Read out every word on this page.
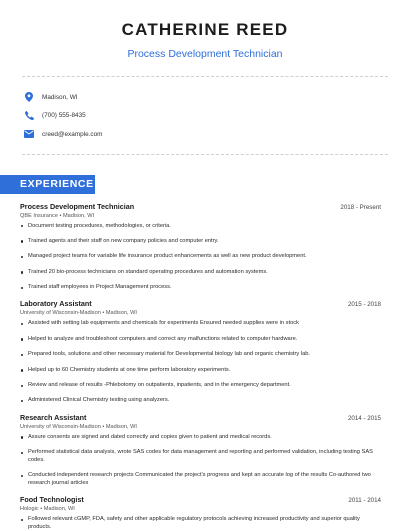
CATHERINE REED
Process Development Technician
Madison, WI
(700) 555-8435
creed@example.com
EXPERIENCE
Process Development Technician	2018 - Present
QBE Insurance • Madison, WI
Document testing procedures, methodologies, or criteria.
Trained agents and their staff on new company policies and computer entry.
Managed project teams for variable life insurance product enhancements as well as new product development.
Trained 20 bio-process technicians on standard operating procedures and automation systems.
Trained staff employees in Project Management process.
Laboratory Assistant	2015 - 2018
University of Wisconsin-Madison • Madison, WI
Assisted with setting lab equipments and chemicals for experiments Ensured needed supplies were in stock
Helped to analyze and troubleshoot computers and correct any malfunctions related to computer hardware.
Prepared tools, solutions and other necessary material for Developmental biology lab and organic chemistry lab.
Helped up to 60 Chemistry students at one time perform laboratory experiments.
Review and release of results -Phlebotomy on outpatients, inpatients, and in the emergency department.
Administered Clinical Chemistry testing using analyzers.
Research Assistant	2014 - 2015
University of Wisconsin-Madison • Madison, WI
Assure consents are signed and dated correctly and copies given to patient and medical records.
Performed statistical data analysis, wrote SAS codes for data management and reporting and performed validation, including testing SAS codes.
Conducted independent research projects Communicated the project's progress and kept an accurate log of the results Co-authored two research journal articles
Food Technologist	2011 - 2014
Hologic • Madison, WI
Followed relevant cGMP, FDA, safety and other applicable regulatory protocols achieving increased productivity and superior quality products.
